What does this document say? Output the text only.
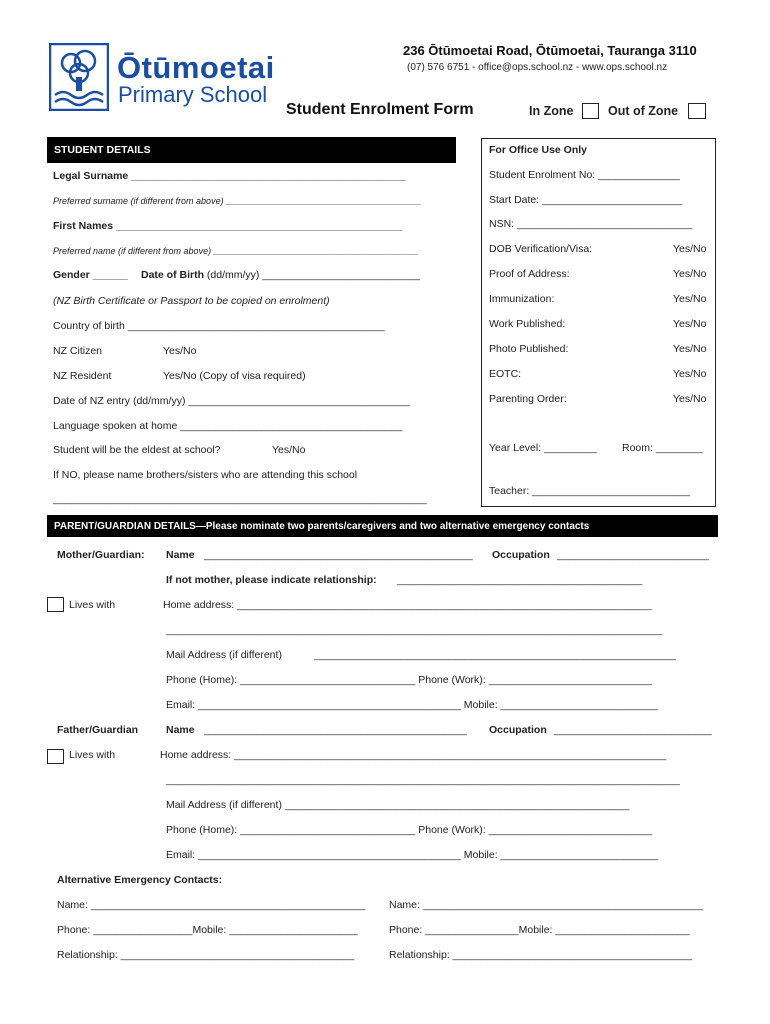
236 Ōtūmoetai Road, Ōtūmoetai, Tauranga 3110
(07) 576 6751 - office@ops.school.nz - www.ops.school.nz
Ōtūmoetai
Primary School
Student Enrolment Form	In Zone	Out of Zone
STUDENT DETAILS
Legal Surname _______________________________________________
Preferred surname (if different from above) _______________________________________
First Names _________________________________________________
Preferred name (if different from above) _________________________________________
Gender ______ Date of Birth (dd/mm/yy) ___________________________
(NZ Birth Certificate or Passport to be copied on enrolment)
Country of birth ____________________________________________
NZ Citizen	Yes/No
NZ Resident	Yes/No (Copy of visa required)
Date of NZ entry (dd/mm/yy) ______________________________________
Language spoken at home ______________________________________
Student will be the eldest at school?	Yes/No
If NO, please name brothers/sisters who are attending this school
________________________________________________________________
For Office Use Only
Student Enrolment No: ______________
Start Date: ________________________
NSN: ______________________________
DOB Verification/Visa:	Yes/No
Proof of Address:	Yes/No
Immunization:	Yes/No
Work Published:	Yes/No
Photo Published:	Yes/No
EOTC:	Yes/No
Parenting Order:	Yes/No
Year Level: _________ Room: ________
Teacher: ___________________________
PARENT/GUARDIAN DETAILS—Please nominate two parents/caregivers and two alternative emergency contacts
Mother/Guardian: Name ______________________________________________ Occupation __________________________
If not mother, please indicate relationship: __________________________________________
Lives with	Home address: _______________________________________________________________________
_____________________________________________________________________________________
Mail Address (if different)	______________________________________________________________
Phone (Home): ______________________________ Phone (Work): ____________________________
Email: _____________________________________________ Mobile: ___________________________
Father/Guardian	Name _____________________________________________ Occupation ___________________________
Lives with	Home address: __________________________________________________________________________
________________________________________________________________________________________
Mail Address (if different) ___________________________________________________________
Phone (Home): ______________________________ Phone (Work): ____________________________
Email: _____________________________________________ Mobile: ___________________________
Alternative Emergency Contacts:
Name: _______________________________________________ Name: ________________________________________________
Phone: _________________Mobile: ______________________	Phone: ________________Mobile: _______________________
Relationship: ________________________________________	Relationship: _________________________________________
